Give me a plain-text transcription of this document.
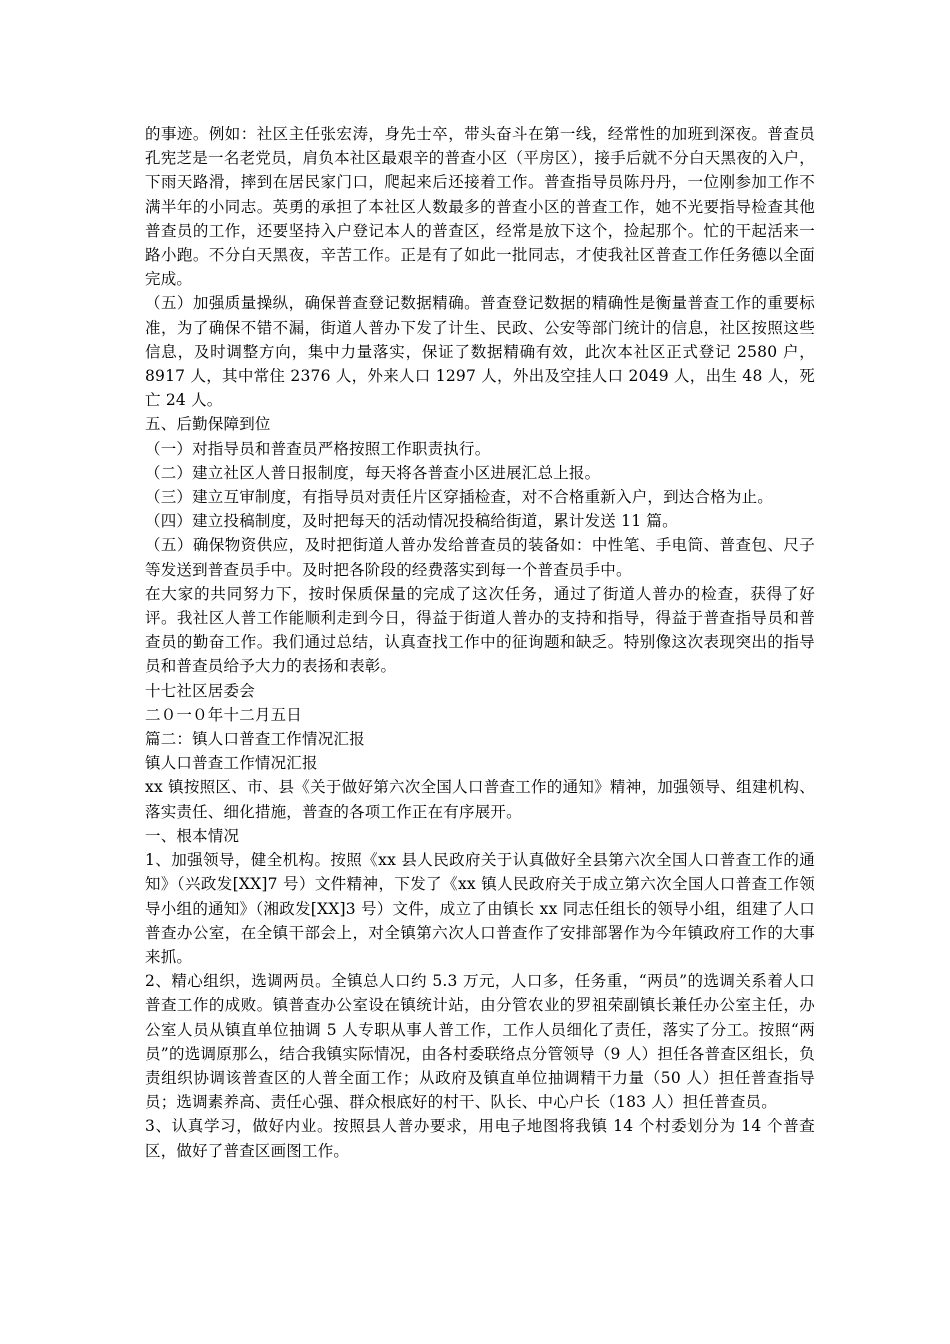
的事迹。例如：社区主任张宏涛，身先士卒，带头奋斗在第一线，经常性的加班到深夜。普查员孔宪芝是一名老党员，肩负本社区最艰辛的普查小区（平房区），接手后就不分白天黑夜的入户，下雨天路滑，摔到在居民家门口，爬起来后还接着工作。普查指导员陈丹丹，一位刚参加工作不满半年的小同志。英勇的承担了本社区人数最多的普查小区的普查工作，她不光要指导检查其他普查员的工作，还要坚持入户登记本人的普查区，经常是放下这个，捡起那个。忙的干起活来一路小跑。不分白天黑夜，辛苦工作。正是有了如此一批同志，才使我社区普查工作任务德以全面完成。

（五）加强质量操纵，确保普查登记数据精确。普查登记数据的精确性是衡量普查工作的重要标准，为了确保不错不漏，街道人普办下发了计生、民政、公安等部门统计的信息，社区按照这些信息，及时调整方向，集中力量落实，保证了数据精确有效，此次本社区正式登记 2580 户，8917 人，其中常住 2376 人，外来人口 1297 人，外出及空挂人口 2049 人，出生 48 人，死亡 24 人。

五、后勤保障到位

（一）对指导员和普查员严格按照工作职责执行。

（二）建立社区人普日报制度，每天将各普查小区进展汇总上报。

（三）建立互审制度，有指导员对责任片区穿插检查，对不合格重新入户，到达合格为止。

（四）建立投稿制度，及时把每天的活动情况投稿给街道，累计发送 11 篇。

（五）确保物资供应，及时把街道人普办发给普查员的装备如：中性笔、手电筒、普查包、尺子等发送到普查员手中。及时把各阶段的经费落实到每一个普查员手中。

在大家的共同努力下，按时保质保量的完成了这次任务，通过了街道人普办的检查，获得了好评。我社区人普工作能顺利走到今日，得益于街道人普办的支持和指导，得益于普查指导员和普查员的勤奋工作。我们通过总结，认真查找工作中的征询题和缺乏。特别像这次表现突出的指导员和普查员给予大力的表扬和表彰。

十七社区居委会

二０一０年十二月五日

篇二：镇人口普查工作情况汇报

镇人口普查工作情况汇报

xx 镇按照区、市、县《关于做好第六次全国人口普查工作的通知》精神，加强领导、组建机构、落实责任、细化措施，普查的各项工作正在有序展开。

一、根本情况

1、加强领导，健全机构。按照《xx 县人民政府关于认真做好全县第六次全国人口普查工作的通知》（兴政发[XX]7 号）文件精神，下发了《xx 镇人民政府关于成立第六次全国人口普查工作领导小组的通知》（湘政发[XX]3 号）文件，成立了由镇长 xx 同志任组长的领导小组，组建了人口普查办公室，在全镇干部会上，对全镇第六次人口普查作了安排部署作为今年镇政府工作的大事来抓。

2、精心组织，选调两员。全镇总人口约 5.3 万元，人口多，任务重，“两员”的选调关系着人口普查工作的成败。镇普查办公室设在镇统计站，由分管农业的罗祖荣副镇长兼任办公室主任，办公室人员从镇直单位抽调 5 人专职从事人普工作，工作人员细化了责任，落实了分工。按照“两员”的选调原那么，结合我镇实际情况，由各村委联络点分管领导（9 人）担任各普查区组长，负责组织协调该普查区的人普全面工作；从政府及镇直单位抽调精干力量（50 人）担任普查指导员；选调素养高、责任心强、群众根底好的村干、队长、中心户长（183 人）担任普查员。

3、认真学习，做好内业。按照县人普办要求，用电子地图将我镇 14 个村委划分为 14 个普查区，做好了普查区画图工作。
